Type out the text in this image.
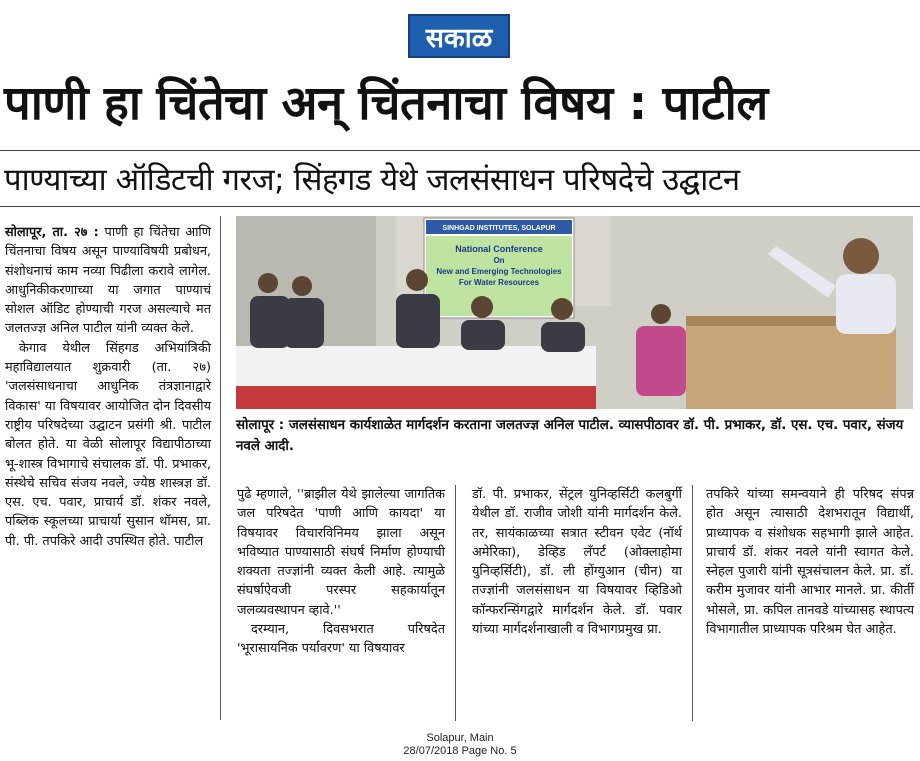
सकाळ
पाणी हा चिंतेचा अन्‌ चिंतनाचा विषय : पाटील
पाण्याच्या ऑडिटची गरज; सिंहगड येथे जलसंसाधन परिषदेचे उद्घाटन

सोलापूर, ता. २७ : पाणी हा चिंतेचा आणि चिंतनाचा विषय असून पाण्याविषयी प्रबोधन, संशोधनाचं काम नव्या पिढीला करावे लागेल. आधुनिकीकरणाच्या या जगात पाण्याचं सोशल ऑडिट होण्याची गरज असल्याचे मत जलतज्ज्ञ अनिल पाटील यांनी व्यक्त केले.

केगाव येथील सिंहगड अभियांत्रिकी महाविद्यालयात शुक्रवारी (ता. २७) 'जलसंसाधनाचा आधुनिक तंत्रज्ञानाद्वारे विकास' या विषयावर आयोजित दोन दिवसीय राष्ट्रीय परिषदेच्या उद्घाटन प्रसंगी श्री. पाटील बोलत होते. या वेळी सोलापूर विद्यापीठाच्या भू-शास्त्र विभागाचे संचालक डॉ. पी. प्रभाकर, संस्थेचे सचिव संजय नवले, ज्येष्ठ शास्त्रज्ञ डॉ. एस. एच. पवार, प्राचार्य डॉ. शंकर नवले, पब्लिक स्कूलच्या प्राचार्या सुसान थॉमस, प्रा. पी. पी. तपकिरे आदी उपस्थित होते. पाटील

SINHGAD INSTITUTES, SOLAPUR
National Conference
On
New and Emerging Technologies
For Water Resources
सोलापूर : जलसंसाधन कार्यशाळेत मार्गदर्शन करताना जलतज्ज्ञ अनिल पाटील. व्यासपीठावर डॉ. पी. प्रभाकर, डॉ. एस. एच. पवार, संजय नवले आदी.

पुढे म्हणाले, ''ब्राझील येथे झालेल्या जागतिक जल परिषदेत 'पाणी आणि कायदा' या विषयावर विचारविनिमय झाला असून भविष्यात पाण्यासाठी संघर्ष निर्माण होण्याची शक्यता तज्ज्ञांनी व्यक्त केली आहे. त्यामुळे संघर्षाऐवजी परस्पर सहकार्यातून जलव्यवस्थापन व्हावे.''

दरम्यान, दिवसभरात परिषदेत 'भूरासायनिक पर्यावरण' या विषयावर

डॉ. पी. प्रभाकर, सेंट्रल युनिव्हर्सिटी कलबुर्गी येथील डॉ. राजीव जोशी यांनी मार्गदर्शन केले. तर, सायंकाळच्या सत्रात स्टीवन एवेट (नॉर्थ अमेरिका), डेव्हिड लॅंपर्ट (ओक्लाहोमा युनिव्हर्सिटी), डॉ. ली होंग्युआन (चीन) या तज्ज्ञांनी जलसंसाधन या विषयावर व्हिडिओ कॉन्फरन्सिंगद्वारे मार्गदर्शन केले. डॉ. पवार यांच्या मार्गदर्शनाखाली व विभागप्रमुख प्रा.

तपकिरे यांच्या समन्वयाने ही परिषद संपन्न होत असून त्यासाठी देशभरातून विद्यार्थी, प्राध्यापक व संशोधक सहभागी झाले आहेत. प्राचार्य डॉ. शंकर नवले यांनी स्वागत केले. स्नेहल पुजारी यांनी सूत्रसंचालन केले. प्रा. डॉ. करीम मुजावर यांनी आभार मानले. प्रा. कीर्ती भोसले, प्रा. कपिल तानवडे यांच्यासह स्थापत्य विभागातील प्राध्यापक परिश्रम घेत आहेत.

Solapur, Main
28/07/2018 Page No. 5
